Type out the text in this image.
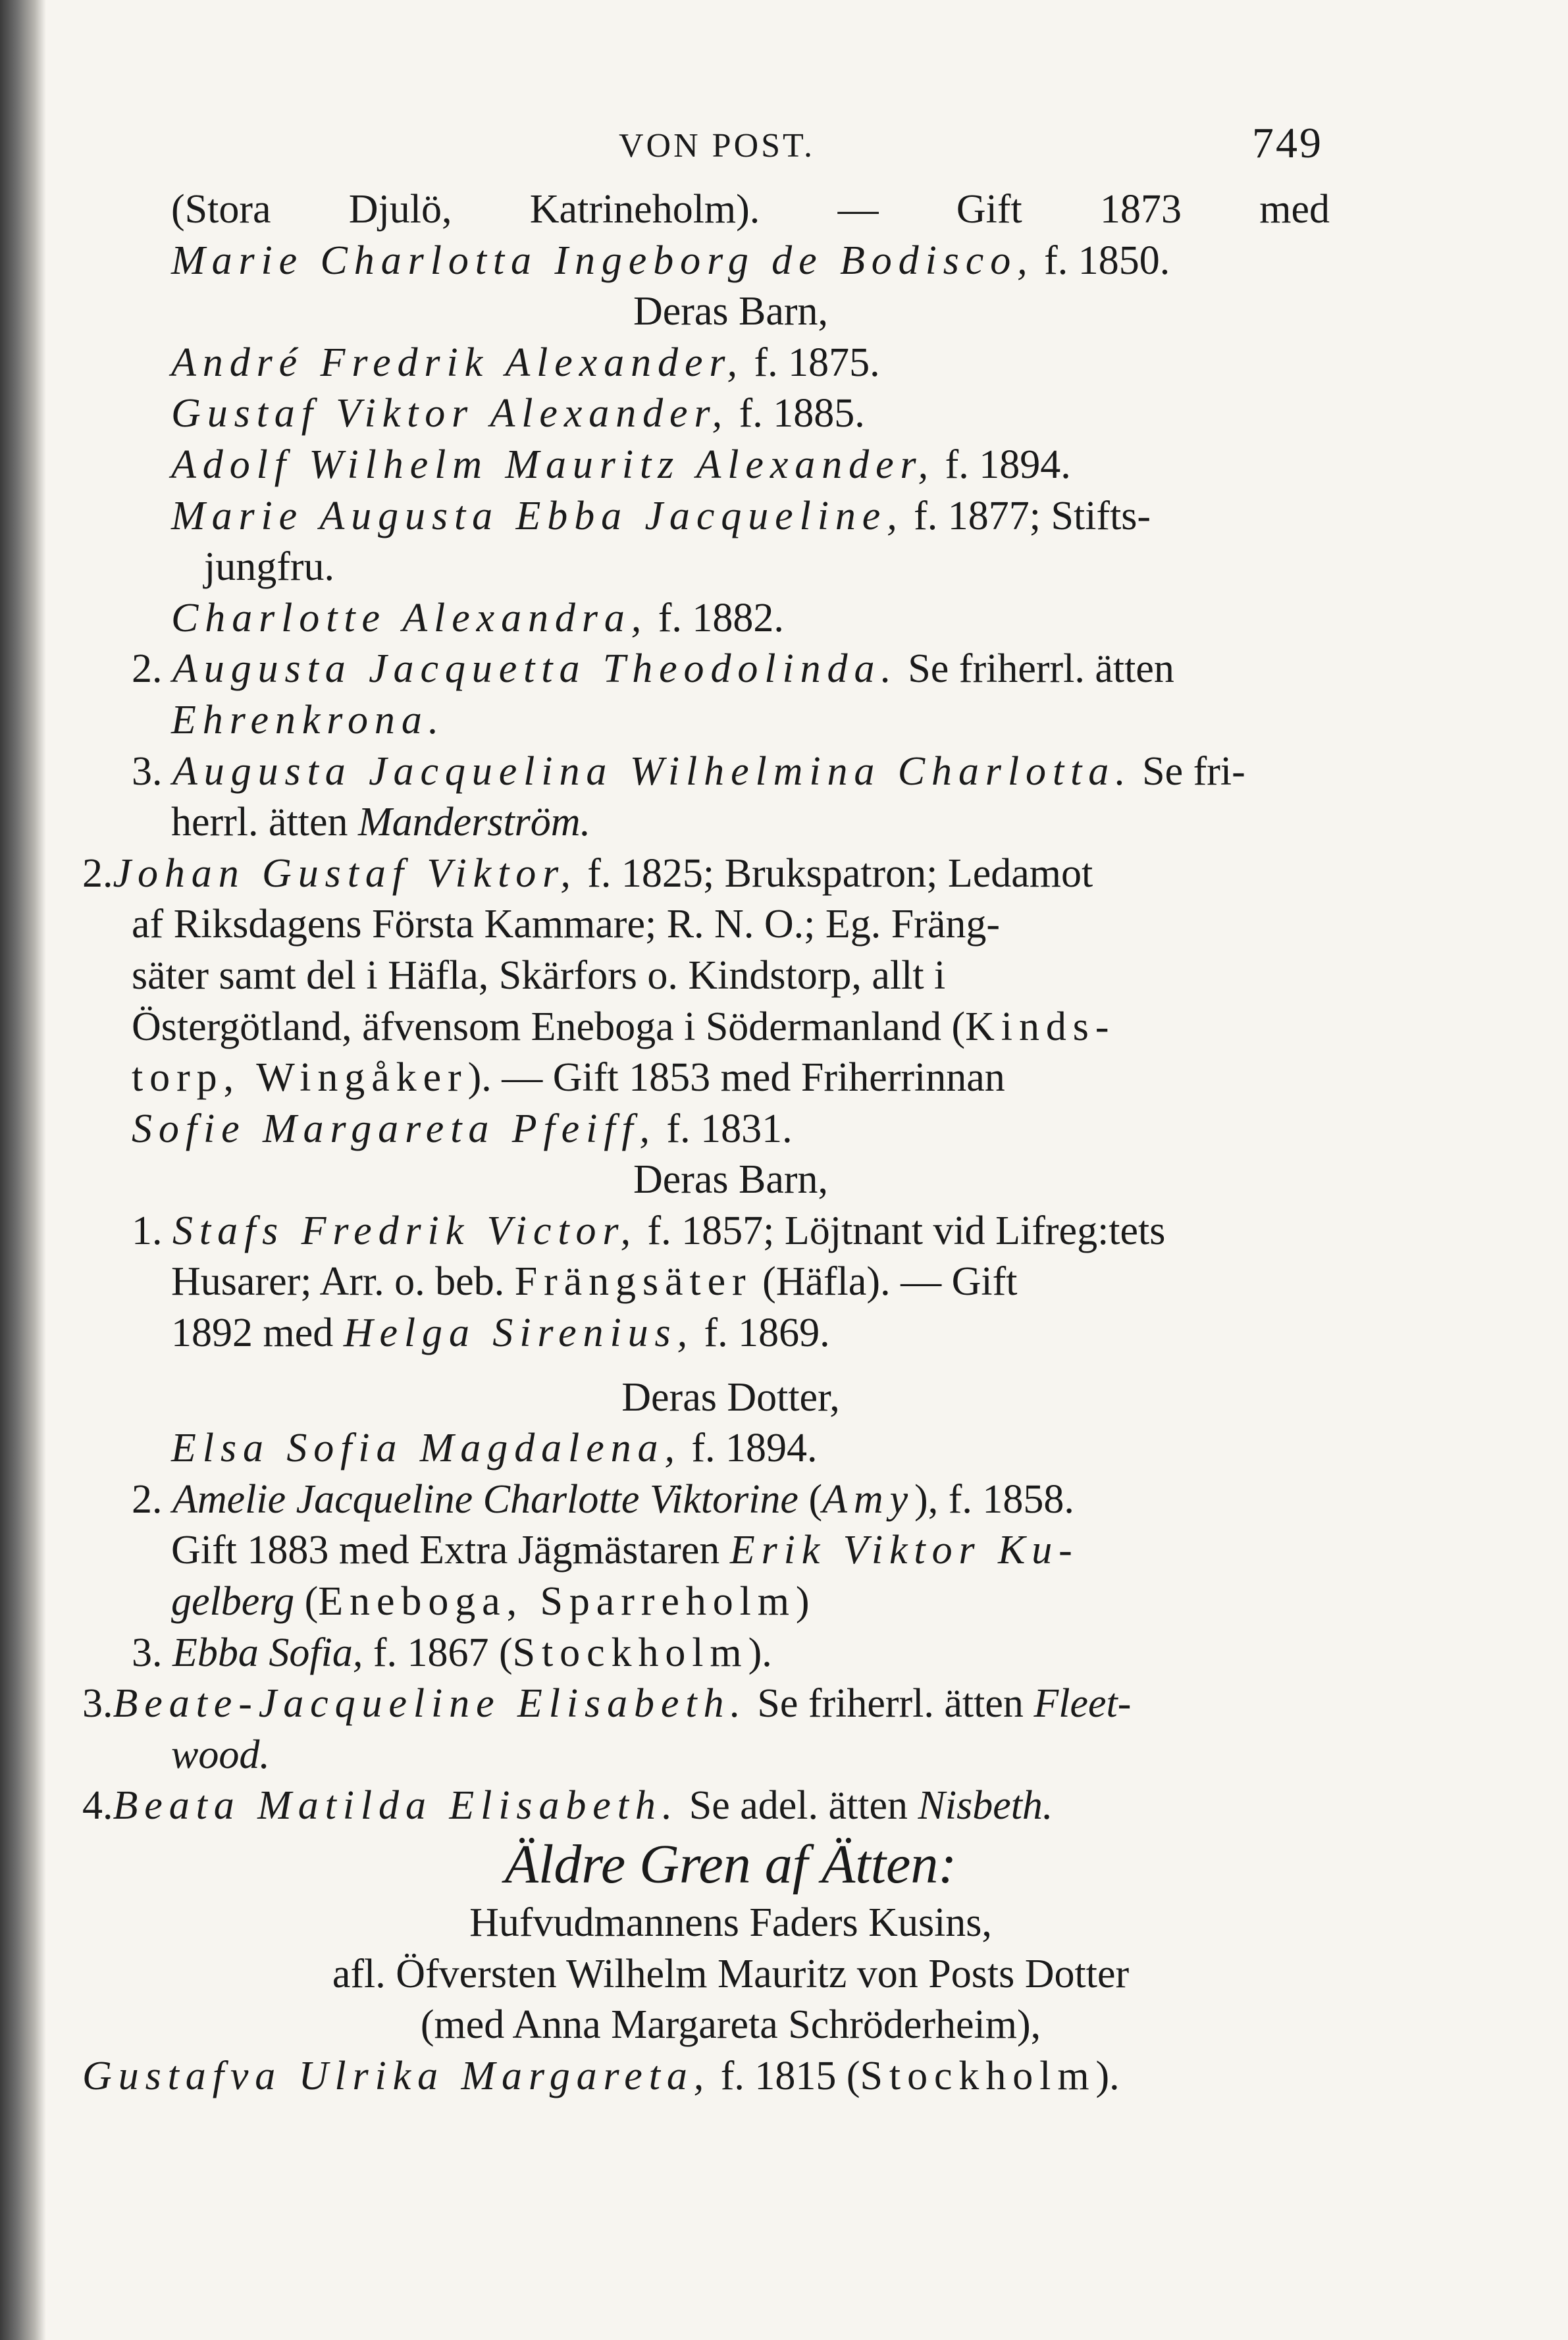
VON POST.	749
(Stora Djulö, Katrineholm). — Gift 1873 med
Marie Charlotta Ingeborg de Bodisco, f. 1850.
Deras Barn,
André Fredrik Alexander, f. 1875.
Gustaf Viktor Alexander, f. 1885.
Adolf Wilhelm Mauritz Alexander, f. 1894.
Marie Augusta Ebba Jacqueline, f. 1877; Stifts-
jungfru.
Charlotte Alexandra, f. 1882.
2. Augusta Jacquetta Theodolinda. Se friherrl. ätten
Ehrenkrona.
3. Augusta Jacquelina Wilhelmina Charlotta. Se fri-
herrl. ätten Manderström.
2.Johan Gustaf Viktor, f. 1825; Brukspatron; Ledamot
af Riksdagens Första Kammare; R. N. O.; Eg. Fräng-
säter samt del i Häfla, Skärfors o. Kindstorp, allt i
Östergötland, äfvensom Eneboga i Södermanland (Kinds-
torp, Wingåker). — Gift 1853 med Friherrinnan
Sofie Margareta Pfeiff, f. 1831.
Deras Barn,
1. Stafs Fredrik Victor, f. 1857; Löjtnant vid Lifreg:tets
Husarer; Arr. o. beb. Frängsäter (Häfla). — Gift
1892 med Helga Sirenius, f. 1869.
Deras Dotter,
Elsa Sofia Magdalena, f. 1894.
2. Amelie Jacqueline Charlotte Viktorine (Amy), f. 1858.
Gift 1883 med Extra Jägmästaren Erik Viktor Ku-
gelberg (Eneboga, Sparreholm)
3. Ebba Sofia, f. 1867 (Stockholm).
3.Beate-Jacqueline Elisabeth. Se friherrl. ätten Fleet-
wood.
4.Beata Matilda Elisabeth. Se adel. ätten Nisbeth.
Äldre Gren af Ätten:
Hufvudmannens Faders Kusins,
afl. Öfversten Wilhelm Mauritz von Posts Dotter
(med Anna Margareta Schröderheim),
Gustafva Ulrika Margareta, f. 1815 (Stockholm).
